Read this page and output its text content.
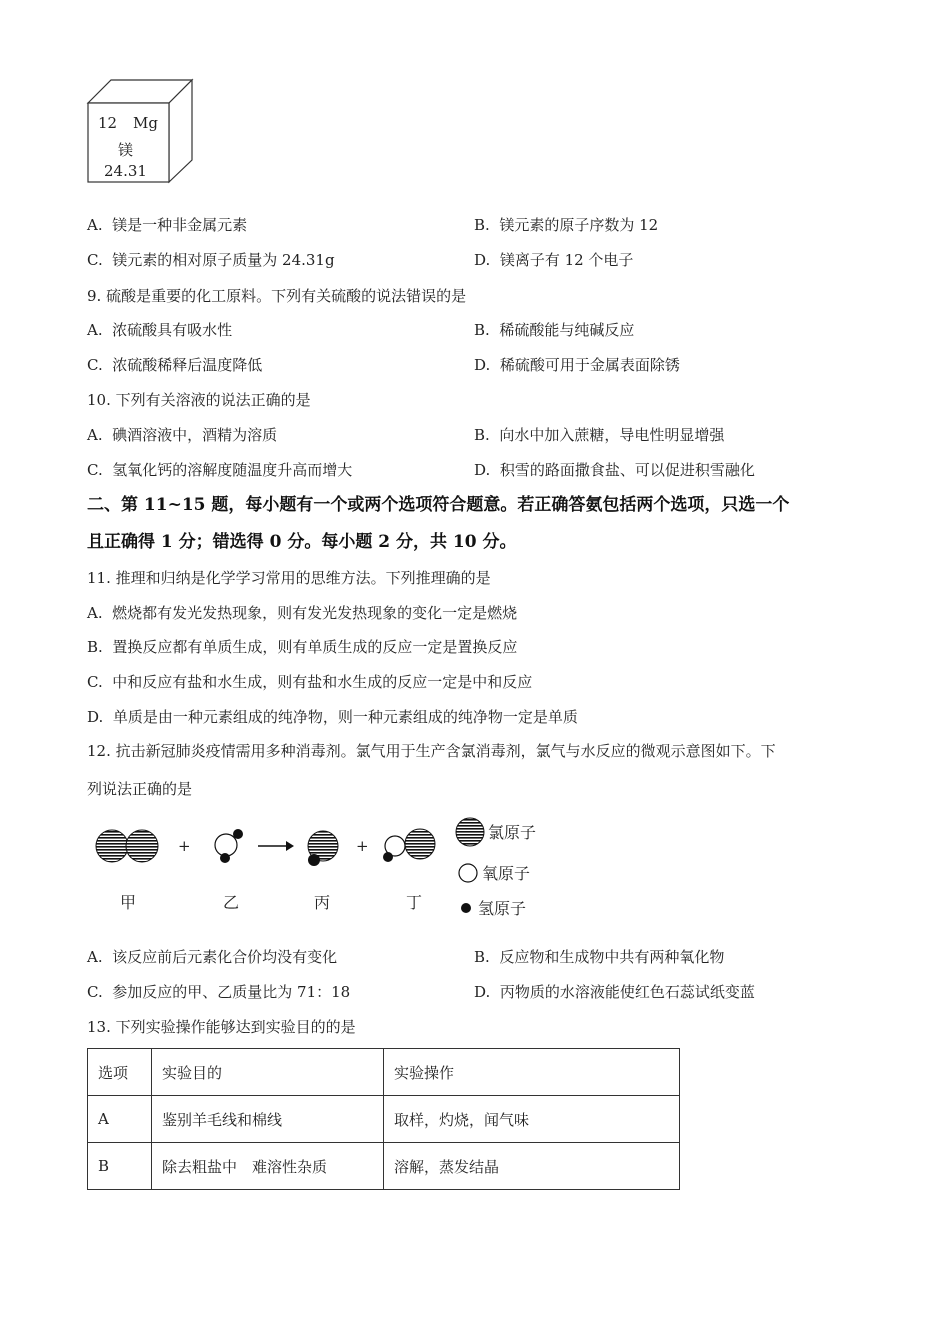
12 Mg
镁
24.31
A. 镁是一种非金属元素	B. 镁元素的原子序数为 12
C. 镁元素的相对原子质量为 24.31g	D. 镁离子有 12 个电子
9. 硫酸是重要的化工原料。下列有关硫酸的说法错误的是
A. 浓硫酸具有吸水性	B. 稀硫酸能与纯碱反应
C. 浓硫酸稀释后温度降低	D. 稀硫酸可用于金属表面除锈
10. 下列有关溶液的说法正确的是
A. 碘酒溶液中，酒精为溶质	B. 向水中加入蔗糖，导电性明显增强
C. 氢氧化钙的溶解度随温度升高而增大	D. 积雪的路面撒食盐、可以促进积雪融化
二、第 11~15 题，每小题有一个或两个选项符合题意。若正确答氨包括两个选项，只选一个
且正确得 1 分；错选得 0 分。每小题 2 分，共 10 分。
11. 推理和归纳是化学学习常用的思维方法。下列推理确的是
A. 燃烧都有发光发热现象，则有发光发热现象的变化一定是燃烧
B. 置换反应都有单质生成，则有单质生成的反应一定是置换反应
C. 中和反应有盐和水生成，则有盐和水生成的反应一定是中和反应
D. 单质是由一种元素组成的纯净物，则一种元素组成的纯净物一定是单质
12. 抗击新冠肺炎疫情需用多种消毒剂。氯气用于生产含氯消毒剂，氯气与水反应的微观示意图如下。下
列说法正确的是
+	+
甲	乙	丙	丁
氯原子
氧原子
氢原子
A. 该反应前后元素化合价均没有变化	B. 反应物和生成物中共有两种氧化物
C. 参加反应的甲、乙质量比为 71：18	D. 丙物质的水溶液能使红色石蕊试纸变蓝
13. 下列实验操作能够达到实验目的的是
选项	实验目的	实验操作
A	鉴别羊毛线和棉线	取样，灼烧，闻气味
B	除去粗盐中　难溶性杂质	溶解，蒸发结晶
